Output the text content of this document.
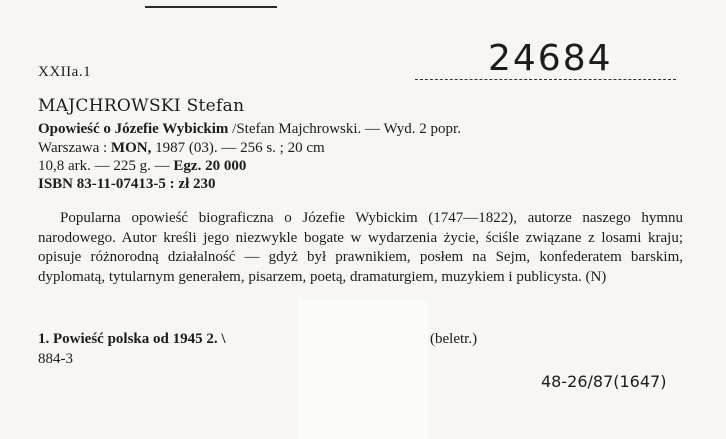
XXIIa.1	24684
MAJCHROWSKI Stefan
Opowieść o Józefie Wybickim /Stefan Majchrowski. — Wyd. 2 popr.
Warszawa : MON, 1987 (03). — 256 s. ; 20 cm
10,8 ark. — 225 g. — Egz. 20 000
ISBN 83-11-07413-5 : zł 230
Popularna opowieść biograficzna o Józefie Wybickim (1747—1822), autorze naszego hymnu narodowego. Autor kreśli jego niezwykle bogate w wydarzenia życie, ściśle związane z losami kraju; opisuje różnorodną działalność — gdyż był prawnikiem, posłem na Sejm, konfederatem barskim, dyplomatą, tytularnym generałem, pisarzem, poetą, dramaturgiem, muzykiem i publicysta. (N)
1. Powieść polska od 1945 2. \	(beletr.)
884-3
48-26/87(1647)
